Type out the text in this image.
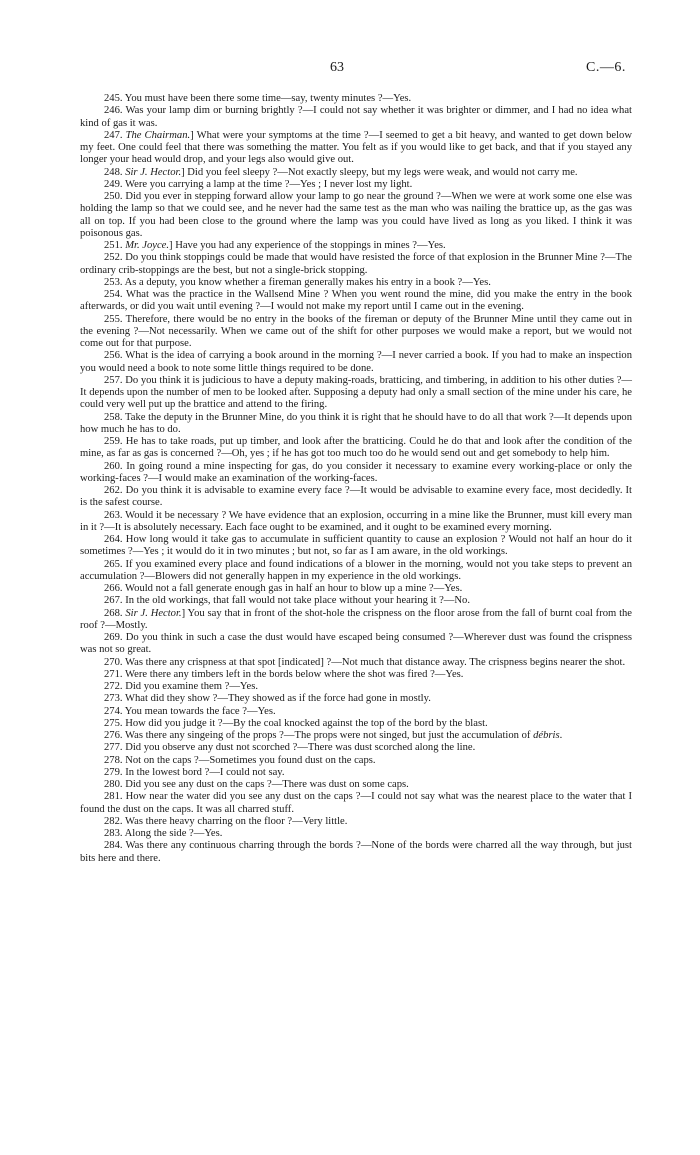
63	C.—6.

245. You must have been there some time—say, twenty minutes ?—Yes.

246. Was your lamp dim or burning brightly ?—I could not say whether it was brighter or dimmer, and I had no idea what kind of gas it was.

247. The Chairman.] What were your symptoms at the time ?—I seemed to get a bit heavy, and wanted to get down below my feet. One could feel that there was something the matter. You felt as if you would like to get back, and that if you stayed any longer your head would drop, and your legs also would give out.

248. Sir J. Hector.] Did you feel sleepy ?—Not exactly sleepy, but my legs were weak, and would not carry me.

249. Were you carrying a lamp at the time ?—Yes ; I never lost my light.

250. Did you ever in stepping forward allow your lamp to go near the ground ?—When we were at work some one else was holding the lamp so that we could see, and he never had the same test as the man who was nailing the brattice up, as the gas was all on top. If you had been close to the ground where the lamp was you could have lived as long as you liked. I think it was poisonous gas.

251. Mr. Joyce.] Have you had any experience of the stoppings in mines ?—Yes.

252. Do you think stoppings could be made that would have resisted the force of that explosion in the Brunner Mine ?—The ordinary crib-stoppings are the best, but not a single-brick stopping.

253. As a deputy, you know whether a fireman generally makes his entry in a book ?—Yes.

254. What was the practice in the Wallsend Mine ? When you went round the mine, did you make the entry in the book afterwards, or did you wait until evening ?—I would not make my report until I came out in the evening.

255. Therefore, there would be no entry in the books of the fireman or deputy of the Brunner Mine until they came out in the evening ?—Not necessarily. When we came out of the shift for other purposes we would make a report, but we would not come out for that purpose.

256. What is the idea of carrying a book around in the morning ?—I never carried a book. If you had to make an inspection you would need a book to note some little things required to be done.

257. Do you think it is judicious to have a deputy making-roads, bratticing, and timbering, in addition to his other duties ?—It depends upon the number of men to be looked after. Supposing a deputy had only a small section of the mine under his care, he could very well put up the brattice and attend to the firing.

258. Take the deputy in the Brunner Mine, do you think it is right that he should have to do all that work ?—It depends upon how much he has to do.

259. He has to take roads, put up timber, and look after the bratticing. Could he do that and look after the condition of the mine, as far as gas is concerned ?—Oh, yes ; if he has got too much too do he would send out and get somebody to help him.

260. In going round a mine inspecting for gas, do you consider it necessary to examine every working-place or only the working-faces ?—I would make an examination of the working-faces.

262. Do you think it is advisable to examine every face ?—It would be advisable to examine every face, most decidedly. It is the safest course.

263. Would it be necessary ? We have evidence that an explosion, occurring in a mine like the Brunner, must kill every man in it ?—It is absolutely necessary. Each face ought to be examined, and it ought to be examined every morning.

264. How long would it take gas to accumulate in sufficient quantity to cause an explosion ? Would not half an hour do it sometimes ?—Yes ; it would do it in two minutes ; but not, so far as I am aware, in the old workings.

265. If you examined every place and found indications of a blower in the morning, would not you take steps to prevent an accumulation ?—Blowers did not generally happen in my experience in the old workings.

266. Would not a fall generate enough gas in half an hour to blow up a mine ?—Yes.

267. In the old workings, that fall would not take place without your hearing it ?—No.

268. Sir J. Hector.] You say that in front of the shot-hole the crispness on the floor arose from the fall of burnt coal from the roof ?—Mostly.

269. Do you think in such a case the dust would have escaped being consumed ?—Wherever dust was found the crispness was not so great.

270. Was there any crispness at that spot [indicated] ?—Not much that distance away. The crispness begins nearer the shot.

271. Were there any timbers left in the bords below where the shot was fired ?—Yes.

272. Did you examine them ?—Yes.

273. What did they show ?—They showed as if the force had gone in mostly.

274. You mean towards the face ?—Yes.

275. How did you judge it ?—By the coal knocked against the top of the bord by the blast.

276. Was there any singeing of the props ?—The props were not singed, but just the accumulation of débris.

277. Did you observe any dust not scorched ?—There was dust scorched along the line.

278. Not on the caps ?—Sometimes you found dust on the caps.

279. In the lowest bord ?—I could not say.

280. Did you see any dust on the caps ?—There was dust on some caps.

281. How near the water did you see any dust on the caps ?—I could not say what was the nearest place to the water that I found the dust on the caps. It was all charred stuff.

282. Was there heavy charring on the floor ?—Very little.

283. Along the side ?—Yes.

284. Was there any continuous charring through the bords ?—None of the bords were charred all the way through, but just bits here and there.
